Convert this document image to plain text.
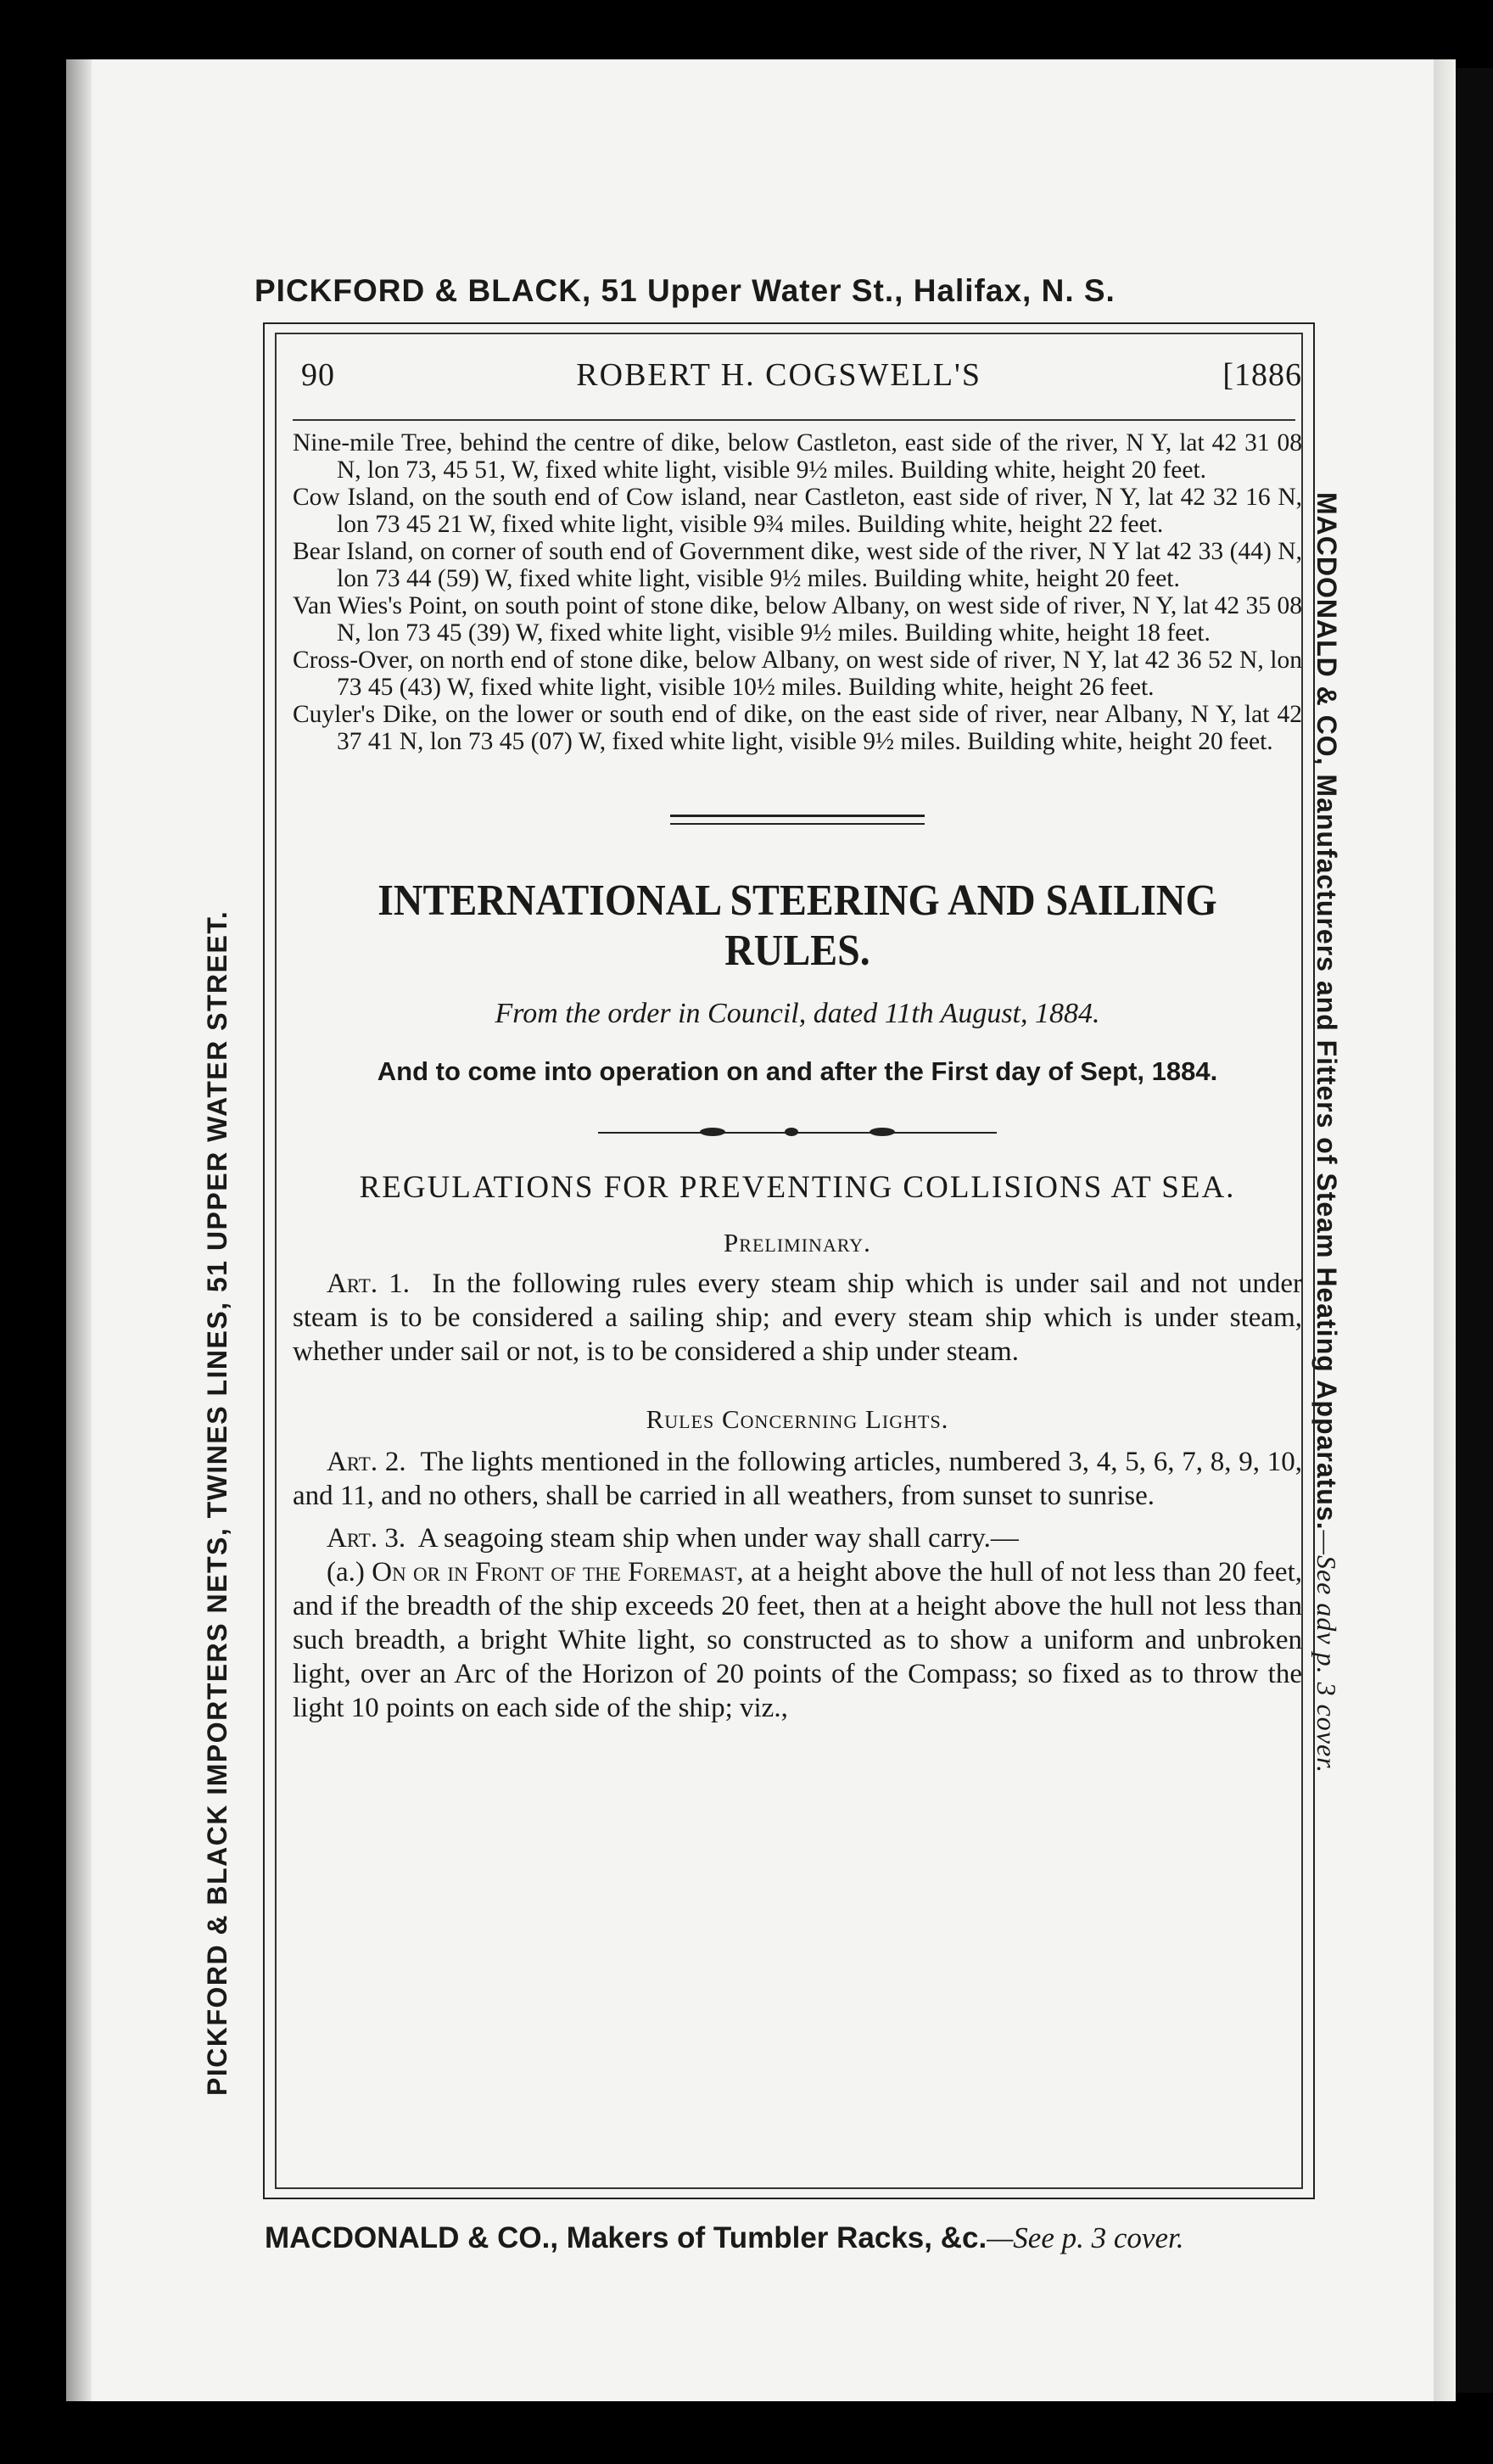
PICKFORD & BLACK, 51 Upper Water St., Halifax, N. S.
PICKFORD & BLACK IMPORTERS NETS, TWINES LINES, 51 UPPER WATER STREET.	MACDONALD & CO, Manufacturers and Fitters of Steam Heating Apparatus.—See adv p. 3 cover.
90	ROBERT H. COGSWELL'S	[1886

Nine-mile Tree, behind the centre of dike, below Castleton, east side of the river, N Y, lat 42 31 08 N, lon 73, 45 51, W, fixed white light, visible 9½ miles. Building white, height 20 feet.

Cow Island, on the south end of Cow island, near Castleton, east side of river, N Y, lat 42 32 16 N, lon 73 45 21 W, fixed white light, visible 9¾ miles. Building white, height 22 feet.

Bear Island, on corner of south end of Government dike, west side of the river, N Y lat 42 33 (44) N, lon 73 44 (59) W, fixed white light, visible 9½ miles. Building white, height 20 feet.

Van Wies's Point, on south point of stone dike, below Albany, on west side of river, N Y, lat 42 35 08 N, lon 73 45 (39) W, fixed white light, visible 9½ miles. Building white, height 18 feet.

Cross-Over, on north end of stone dike, below Albany, on west side of river, N Y, lat 42 36 52 N, lon 73 45 (43) W, fixed white light, visible 10½ miles. Building white, height 26 feet.

Cuyler's Dike, on the lower or south end of dike, on the east side of river, near Albany, N Y, lat 42 37 41 N, lon 73 45 (07) W, fixed white light, visible 9½ miles. Building white, height 20 feet.

INTERNATIONAL STEERING AND SAILING RULES.
From the order in Council, dated 11th August, 1884.
And to come into operation on and after the First day of Sept, 1884.
REGULATIONS FOR PREVENTING COLLISIONS AT SEA.
Preliminary.

Art. 1. In the following rules every steam ship which is under sail and not under steam is to be considered a sailing ship; and every steam ship which is under steam, whether under sail or not, is to be considered a ship under steam.

Rules Concerning Lights.

Art. 2. The lights mentioned in the following articles, numbered 3, 4, 5, 6, 7, 8, 9, 10, and 11, and no others, shall be carried in all weathers, from sunset to sunrise.

Art. 3. A seagoing steam ship when under way shall carry.—

(a.) On or in Front of the Foremast, at a height above the hull of not less than 20 feet, and if the breadth of the ship exceeds 20 feet, then at a height above the hull not less than such breadth, a bright White light, so constructed as to show a uniform and unbroken light, over an Arc of the Horizon of 20 points of the Compass; so fixed as to throw the light 10 points on each side of the ship; viz.,

MACDONALD & CO., Makers of Tumbler Racks, &c.—See p. 3 cover.
